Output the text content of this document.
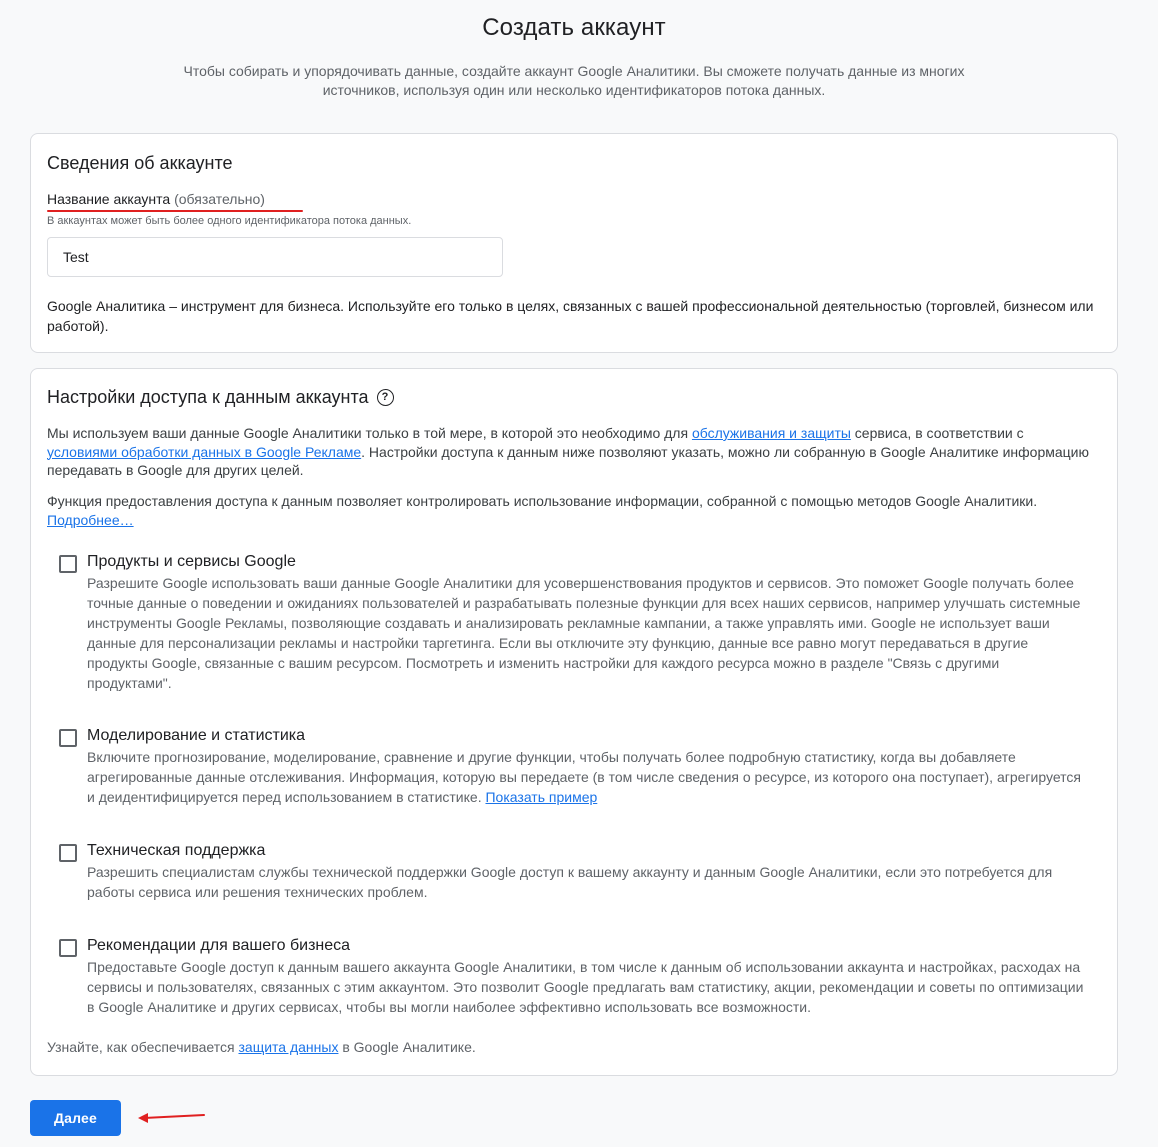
Создать аккаунт
Чтобы собирать и упорядочивать данные, создайте аккаунт Google Аналитики. Вы сможете получать данные из многих источников, используя один или несколько идентификаторов потока данных.
Сведения об аккаунте
Название аккаунта (обязательно)
В аккаунтах может быть более одного идентификатора потока данных.
Test
Google Аналитика – инструмент для бизнеса. Используйте его только в целях, связанных с вашей профессиональной деятельностью (торговлей, бизнесом или работой).
Настройки доступа к данным аккаунта	?
Мы используем ваши данные Google Аналитики только в той мере, в которой это необходимо для обслуживания и защиты сервиса, в соответствии с условиями обработки данных в Google Рекламе. Настройки доступа к данным ниже позволяют указать, можно ли собранную в Google Аналитике информацию передавать в Google для других целей.
Функция предоставления доступа к данным позволяет контролировать использование информации, собранной с помощью методов Google Аналитики.
Подробнее…
Продукты и сервисы Google
Разрешите Google использовать ваши данные Google Аналитики для усовершенствования продуктов и сервисов. Это поможет Google получать более точные данные о поведении и ожиданиях пользователей и разрабатывать полезные функции для всех наших сервисов, например улучшать системные инструменты Google Рекламы, позволяющие создавать и анализировать рекламные кампании, а также управлять ими. Google не использует ваши данные для персонализации рекламы и настройки таргетинга. Если вы отключите эту функцию, данные все равно могут передаваться в другие продукты Google, связанные с вашим ресурсом. Посмотреть и изменить настройки для каждого ресурса можно в разделе "Связь с другими продуктами".
Моделирование и статистика
Включите прогнозирование, моделирование, сравнение и другие функции, чтобы получать более подробную статистику, когда вы добавляете агрегированные данные отслеживания. Информация, которую вы передаете (в том числе сведения о ресурсе, из которого она поступает), агрегируется и деидентифицируется перед использованием в статистике. Показать пример
Техническая поддержка
Разрешить специалистам службы технической поддержки Google доступ к вашему аккаунту и данным Google Аналитики, если это потребуется для работы сервиса или решения технических проблем.
Рекомендации для вашего бизнеса
Предоставьте Google доступ к данным вашего аккаунта Google Аналитики, в том числе к данным об использовании аккаунта и настройках, расходах на сервисы и пользователях, связанных с этим аккаунтом. Это позволит Google предлагать вам статистику, акции, рекомендации и советы по оптимизации в Google Аналитике и других сервисах, чтобы вы могли наиболее эффективно использовать все возможности.
Узнайте, как обеспечивается защита данных в Google Аналитике.
Далее
